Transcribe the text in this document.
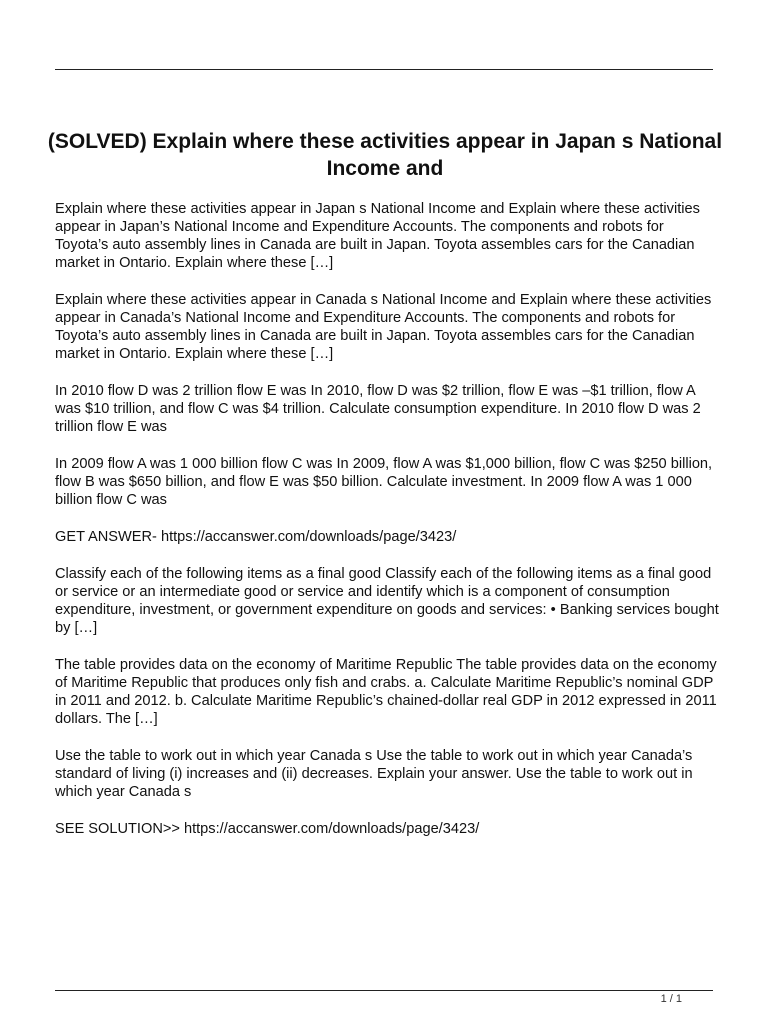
(SOLVED) Explain where these activities appear in Japan s National Income and

Explain where these activities appear in Japan s National Income and Explain where these activities appear in Japan’s National Income and Expenditure Accounts. The components and robots for Toyota’s auto assembly lines in Canada are built in Japan. Toyota assembles cars for the Canadian market in Ontario. Explain where these […]

Explain where these activities appear in Canada s National Income and Explain where these activities appear in Canada’s National Income and Expenditure Accounts. The components and robots for Toyota’s auto assembly lines in Canada are built in Japan. Toyota assembles cars for the Canadian market in Ontario. Explain where these […]

In 2010 flow D was 2 trillion flow E was In 2010, flow D was $2 trillion, flow E was –$1 trillion, flow A was $10 trillion, and flow C was $4 trillion. Calculate consumption expenditure. In 2010 flow D was 2 trillion flow E was

In 2009 flow A was 1 000 billion flow C was In 2009, flow A was $1,000 billion, flow C was $250 billion, flow B was $650 billion, and flow E was $50 billion. Calculate investment. In 2009 flow A was 1 000 billion flow C was

GET ANSWER- https://accanswer.com/downloads/page/3423/

Classify each of the following items as a final good Classify each of the following items as a final good or service or an intermediate good or service and identify which is a component of consumption expenditure, investment, or government expenditure on goods and services: • Banking services bought by […]

The table provides data on the economy of Maritime Republic The table provides data on the economy of Maritime Republic that produces only fish and crabs. a. Calculate Maritime Republic’s nominal GDP in 2011 and 2012. b. Calculate Maritime Republic’s chained-dollar real GDP in 2012 expressed in 2011 dollars. The […]

Use the table to work out in which year Canada s Use the table to work out in which year Canada’s standard of living (i) increases and (ii) decreases. Explain your answer. Use the table to work out in which year Canada s

SEE SOLUTION>> https://accanswer.com/downloads/page/3423/

1 / 1
